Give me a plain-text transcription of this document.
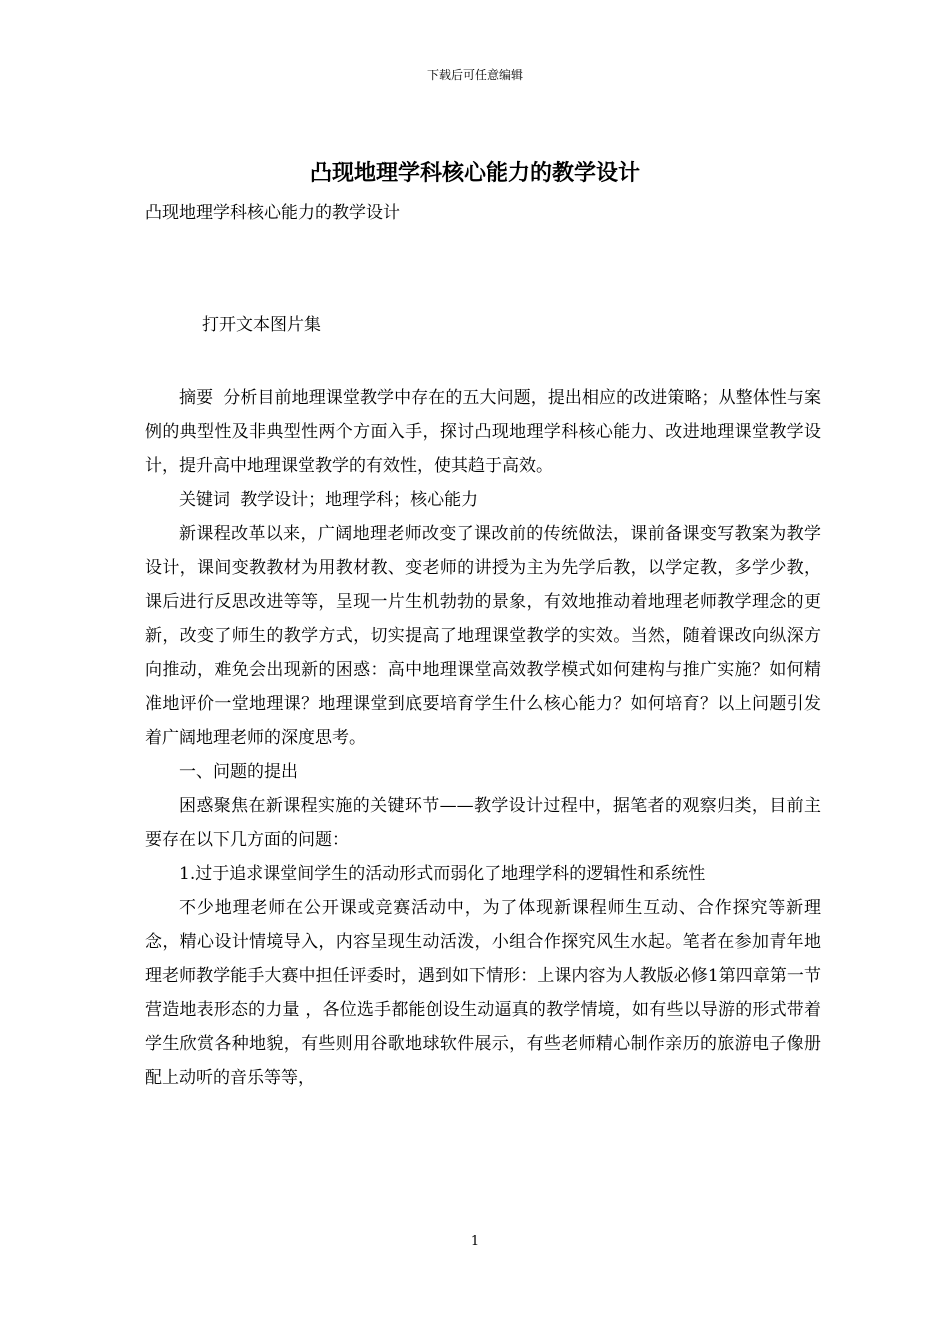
下载后可任意编辑
凸现地理学科核心能力的教学设计
凸现地理学科核心能力的教学设计
打开文本图片集

摘要 分析目前地理课堂教学中存在的五大问题，提出相应的改进策略；从整体性与案例的典型性及非典型性两个方面入手，探讨凸现地理学科核心能力、改进地理课堂教学设计，提升高中地理课堂教学的有效性，使其趋于高效。

关键词 教学设计；地理学科；核心能力

新课程改革以来，广阔地理老师改变了课改前的传统做法，课前备课变写教案为教学设计，课间变教教材为用教材教、变老师的讲授为主为先学后教，以学定教，多学少教，课后进行反思改进等等，呈现一片生机勃勃的景象，有效地推动着地理老师教学理念的更新，改变了师生的教学方式，切实提高了地理课堂教学的实效。当然，随着课改向纵深方向推动，难免会出现新的困惑：高中地理课堂高效教学模式如何建构与推广实施？如何精准地评价一堂地理课？地理课堂到底要培育学生什么核心能力？如何培育？以上问题引发着广阔地理老师的深度思考。

一、问题的提出

困惑聚焦在新课程实施的关键环节——教学设计过程中，据笔者的观察归类，目前主要存在以下几方面的问题：

1.过于追求课堂间学生的活动形式而弱化了地理学科的逻辑性和系统性

不少地理老师在公开课或竞赛活动中，为了体现新课程师生互动、合作探究等新理念，精心设计情境导入，内容呈现生动活泼，小组合作探究风生水起。笔者在参加青年地理老师教学能手大赛中担任评委时，遇到如下情形：上课内容为人教版必修1第四章第一节营造地表形态的力量 ，各位选手都能创设生动逼真的教学情境，如有些以导游的形式带着学生欣赏各种地貌，有些则用谷歌地球软件展示，有些老师精心制作亲历的旅游电子像册配上动听的音乐等等，

1
